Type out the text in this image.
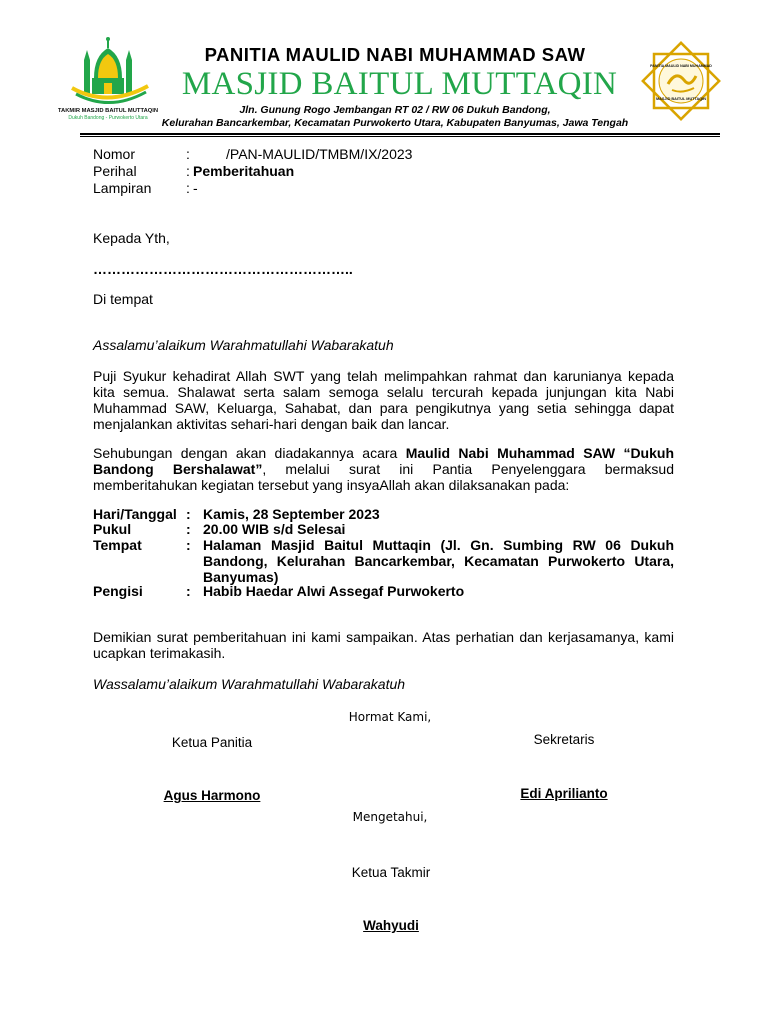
TAKMIR MASJID BAITUL MUTTAQIN
Dukuh Bandong - Purwokerto Utara
PANITIA MAULID NABI MUHAMMAD SAW
MASJID BAITUL MUTTAQIN
Jln. Gunung Rogo Jembangan RT 02 / RW 06 Dukuh Bandong,
Kelurahan Bancarkembar, Kecamatan Purwokerto Utara, Kabupaten Banyumas, Jawa Tengah
PANITIA MAULID NABI MUHAMMAD
MASJID BAITUL MUTTAQIN
Nomor	:	/PAN-MAULID/TMBM/IX/2023
Perihal	: Pemberitahuan
Lampiran : -
Kepada Yth,
………………………………………………..
Di tempat
Assalamu’alaikum Warahmatullahi Wabarakatuh
Puji Syukur kehadirat Allah SWT yang telah melimpahkan rahmat dan karunianya kepada
kita semua. Shalawat serta salam semoga selalu tercurah kepada junjungan kita Nabi
Muhammad SAW, Keluarga, Sahabat, dan para pengikutnya yang setia sehingga dapat
menjalankan aktivitas sehari-hari dengan baik dan lancar.
Sehubungan dengan akan diadakannya acara Maulid Nabi Muhammad SAW “Dukuh
Bandong Bershalawat”, melalui surat ini Pantia Penyelenggara bermaksud
memberitahukan kegiatan tersebut yang insyaAllah akan dilaksanakan pada:
Hari/Tanggal : Kamis, 28 September 2023
Pukul	: 20.00 WIB s/d Selesai
Tempat	: Halaman Masjid Baitul Muttaqin (Jl. Gn. Sumbing RW 06 Dukuh
Bandong, Kelurahan Bancarkembar, Kecamatan Purwokerto Utara,
Banyumas)
Pengisi	: Habib Haedar Alwi Assegaf Purwokerto
Demikian surat pemberitahuan ini kami sampaikan. Atas perhatian dan kerjasamanya, kami
ucapkan terimakasih.
Wassalamu’alaikum Warahmatullahi Wabarakatuh
Hormat Kami,
Ketua Panitia	Sekretaris
Agus Harmono	Edi Aprilianto
Mengetahui,
Ketua Takmir
Wahyudi
